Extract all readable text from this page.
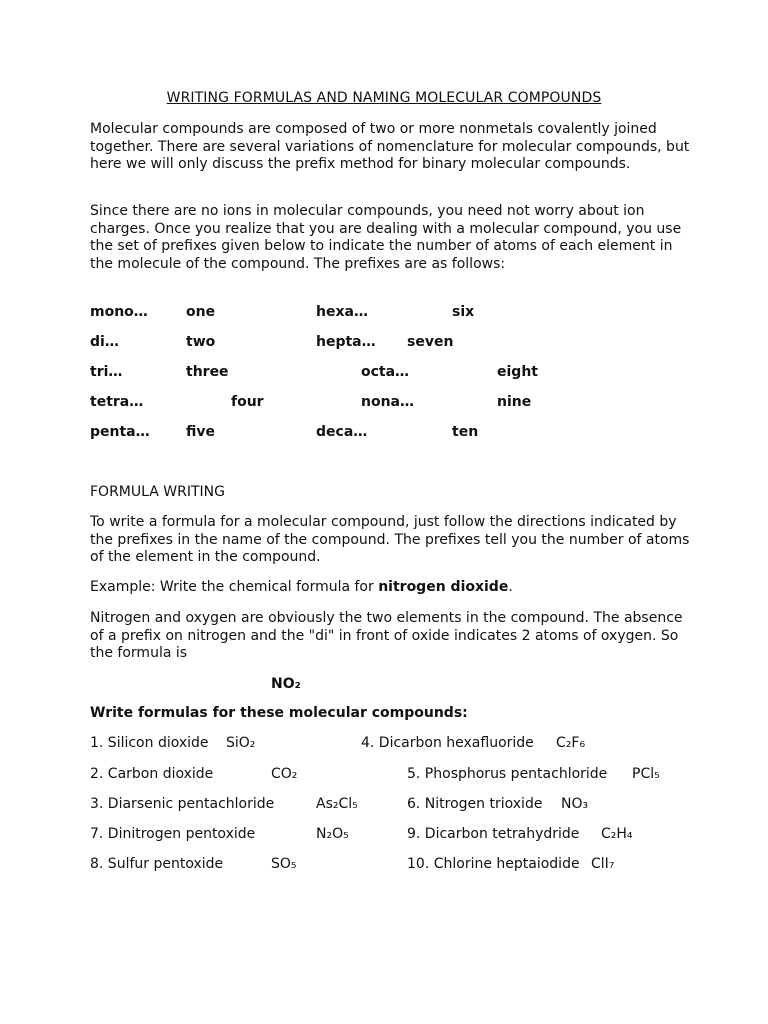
WRITING FORMULAS AND NAMING MOLECULAR COMPOUNDS

Molecular compounds are composed of two or more nonmetals covalently joined together. There are several variations of nomenclature for molecular compounds, but here we will only discuss the prefix method for binary molecular compounds.

Since there are no ions in molecular compounds, you need not worry about ion charges. Once you realize that you are dealing with a molecular compound, you use the set of prefixes given below to indicate the number of atoms of each element in the molecule of the compound. The prefixes are as follows:

mono…	one	hexa…	six
di…	two	hepta… seven
tri…	three	octa…	eight
tetra…	four	nona…	nine
penta…	five	deca…	ten
FORMULA WRITING

To write a formula for a molecular compound, just follow the directions indicated by the prefixes in the name of the compound. The prefixes tell you the number of atoms of the element in the compound.

Example: Write the chemical formula for nitrogen dioxide.

Nitrogen and oxygen are obviously the two elements in the compound. The absence of a prefix on nitrogen and the "di" in front of oxide indicates 2 atoms of oxygen. So the formula is

NO₂
Write formulas for these molecular compounds:
1. Silicon dioxide SiO₂	4. Dicarbon hexafluoride C₂F₆
2. Carbon dioxide	CO₂	5. Phosphorus pentachloride PCl₅
3. Diarsenic pentachloride	As₂Cl₅	6. Nitrogen trioxide NO₃
7. Dinitrogen pentoxide	N₂O₅	9. Dicarbon tetrahydride C₂H₄
8. Sulfur pentoxide	SO₅	10. Chlorine heptaiodide ClI₇
